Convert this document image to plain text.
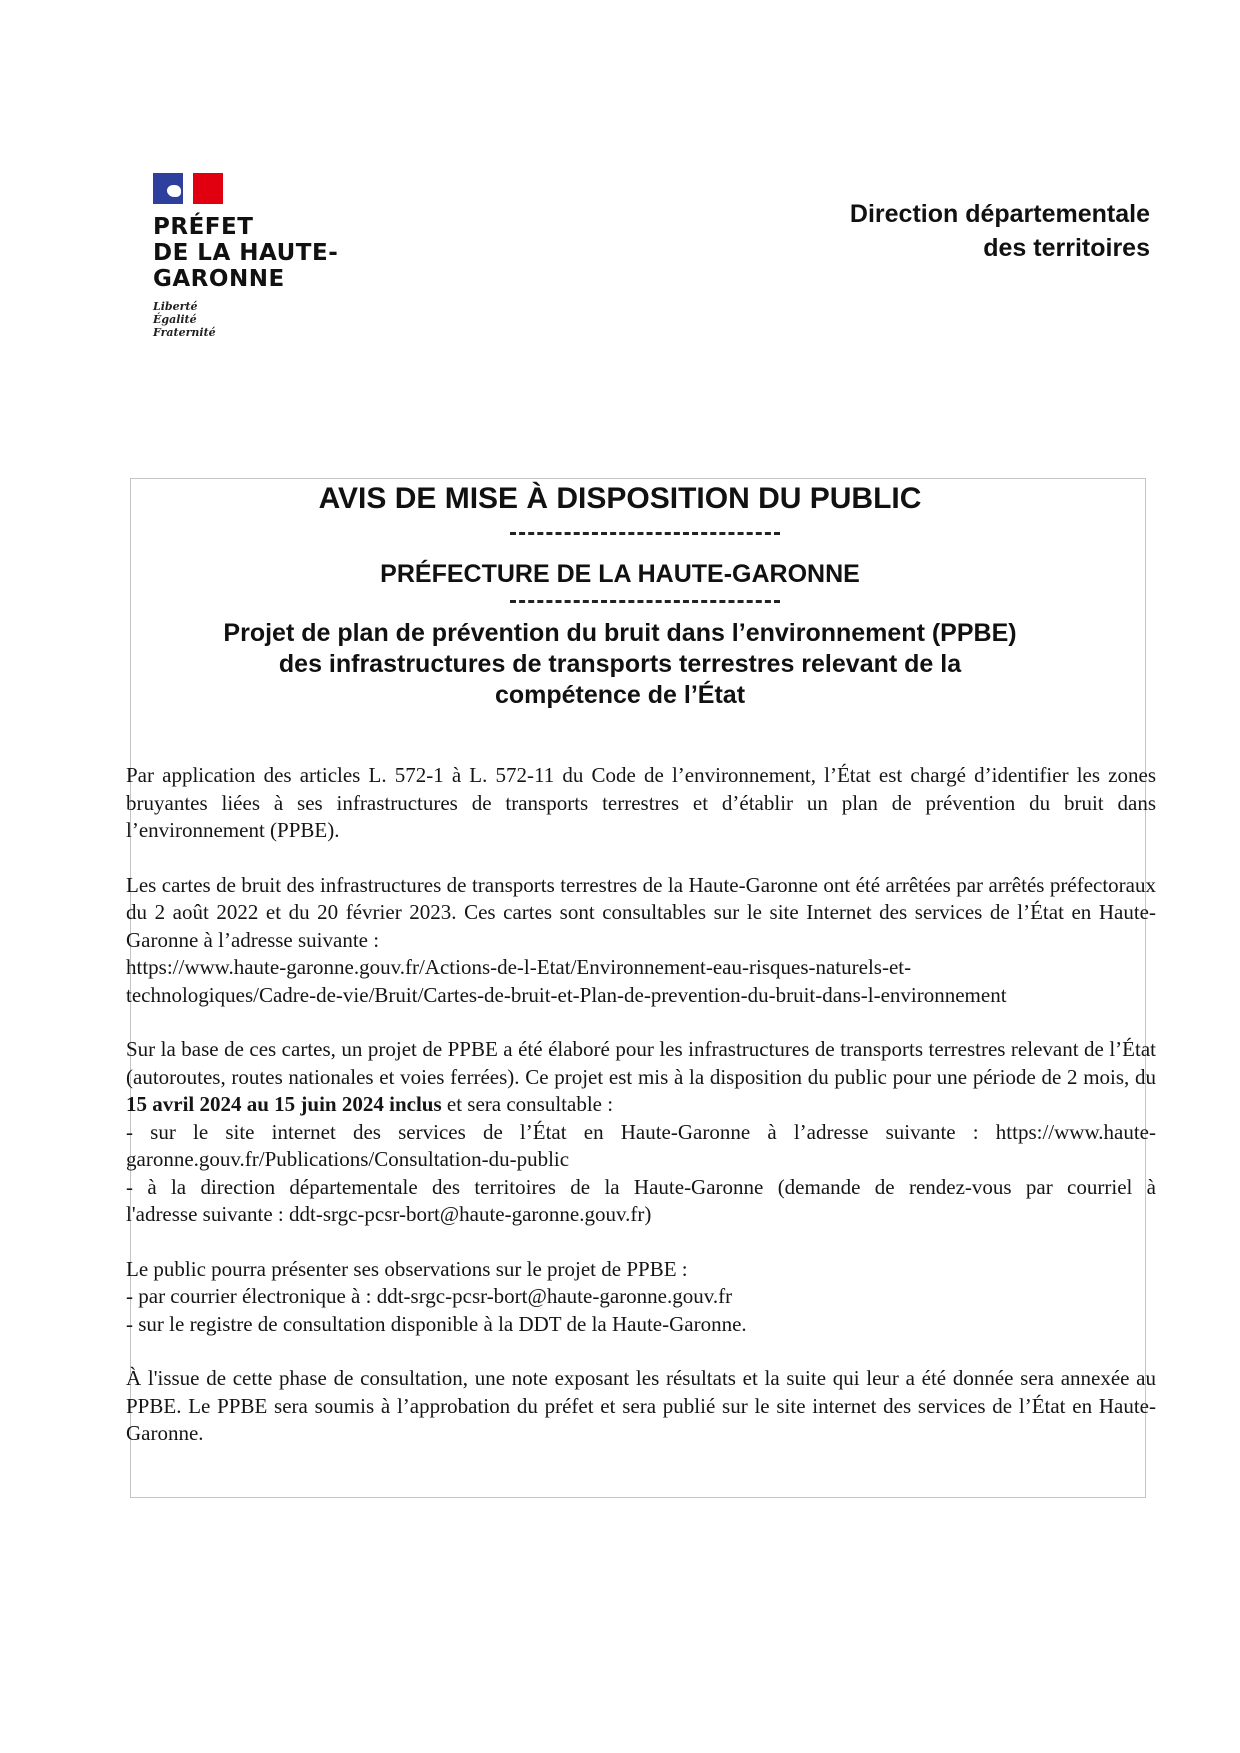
PRÉFET
DE LA HAUTE-
GARONNE
Liberté
Égalité
Fraternité
Direction départementale
des territoires
AVIS DE MISE À DISPOSITION DU PUBLIC
PRÉFECTURE DE LA HAUTE-GARONNE
Projet de plan de prévention du bruit dans l’environnement (PPBE)
des infrastructures de transports terrestres relevant de la
compétence de l’État

Par application des articles L. 572-1 à L. 572-11 du Code de l’environnement, l’État est chargé d’identifier les zones bruyantes liées à ses infrastructures de transports terrestres et d’établir un plan de prévention du bruit dans l’environnement (PPBE).

Les cartes de bruit des infrastructures de transports terrestres de la Haute-Garonne ont été arrêtées par arrêtés préfectoraux du 2 août 2022 et du 20 février 2023. Ces cartes sont consultables sur le site Internet des services de l’État en Haute-Garonne à l’adresse suivante :
https://www.haute-garonne.gouv.fr/Actions-de-l-Etat/Environnement-eau-risques-naturels-et-
technologiques/Cadre-de-vie/Bruit/Cartes-de-bruit-et-Plan-de-prevention-du-bruit-dans-l-environnement

Sur la base de ces cartes, un projet de PPBE a été élaboré pour les infrastructures de transports terrestres relevant de l’État (autoroutes, routes nationales et voies ferrées). Ce projet est mis à la disposition du public pour une période de 2 mois, du 15 avril 2024 au 15 juin 2024 inclus et sera consultable :
- sur le site internet des services de l’État en Haute-Garonne à l’adresse suivante : https://www.haute-
garonne.gouv.fr/Publications/Consultation-du-public
- à la direction départementale des territoires de la Haute-Garonne (demande de rendez-vous par courriel à
l'adresse suivante : ddt-srgc-pcsr-bort@haute-garonne.gouv.fr)

Le public pourra présenter ses observations sur le projet de PPBE :
- par courrier électronique à : ddt-srgc-pcsr-bort@haute-garonne.gouv.fr
- sur le registre de consultation disponible à la DDT de la Haute-Garonne.

À l'issue de cette phase de consultation, une note exposant les résultats et la suite qui leur a été donnée sera annexée au PPBE. Le PPBE sera soumis à l’approbation du préfet et sera publié sur le site internet des services de l’État en Haute-Garonne.
